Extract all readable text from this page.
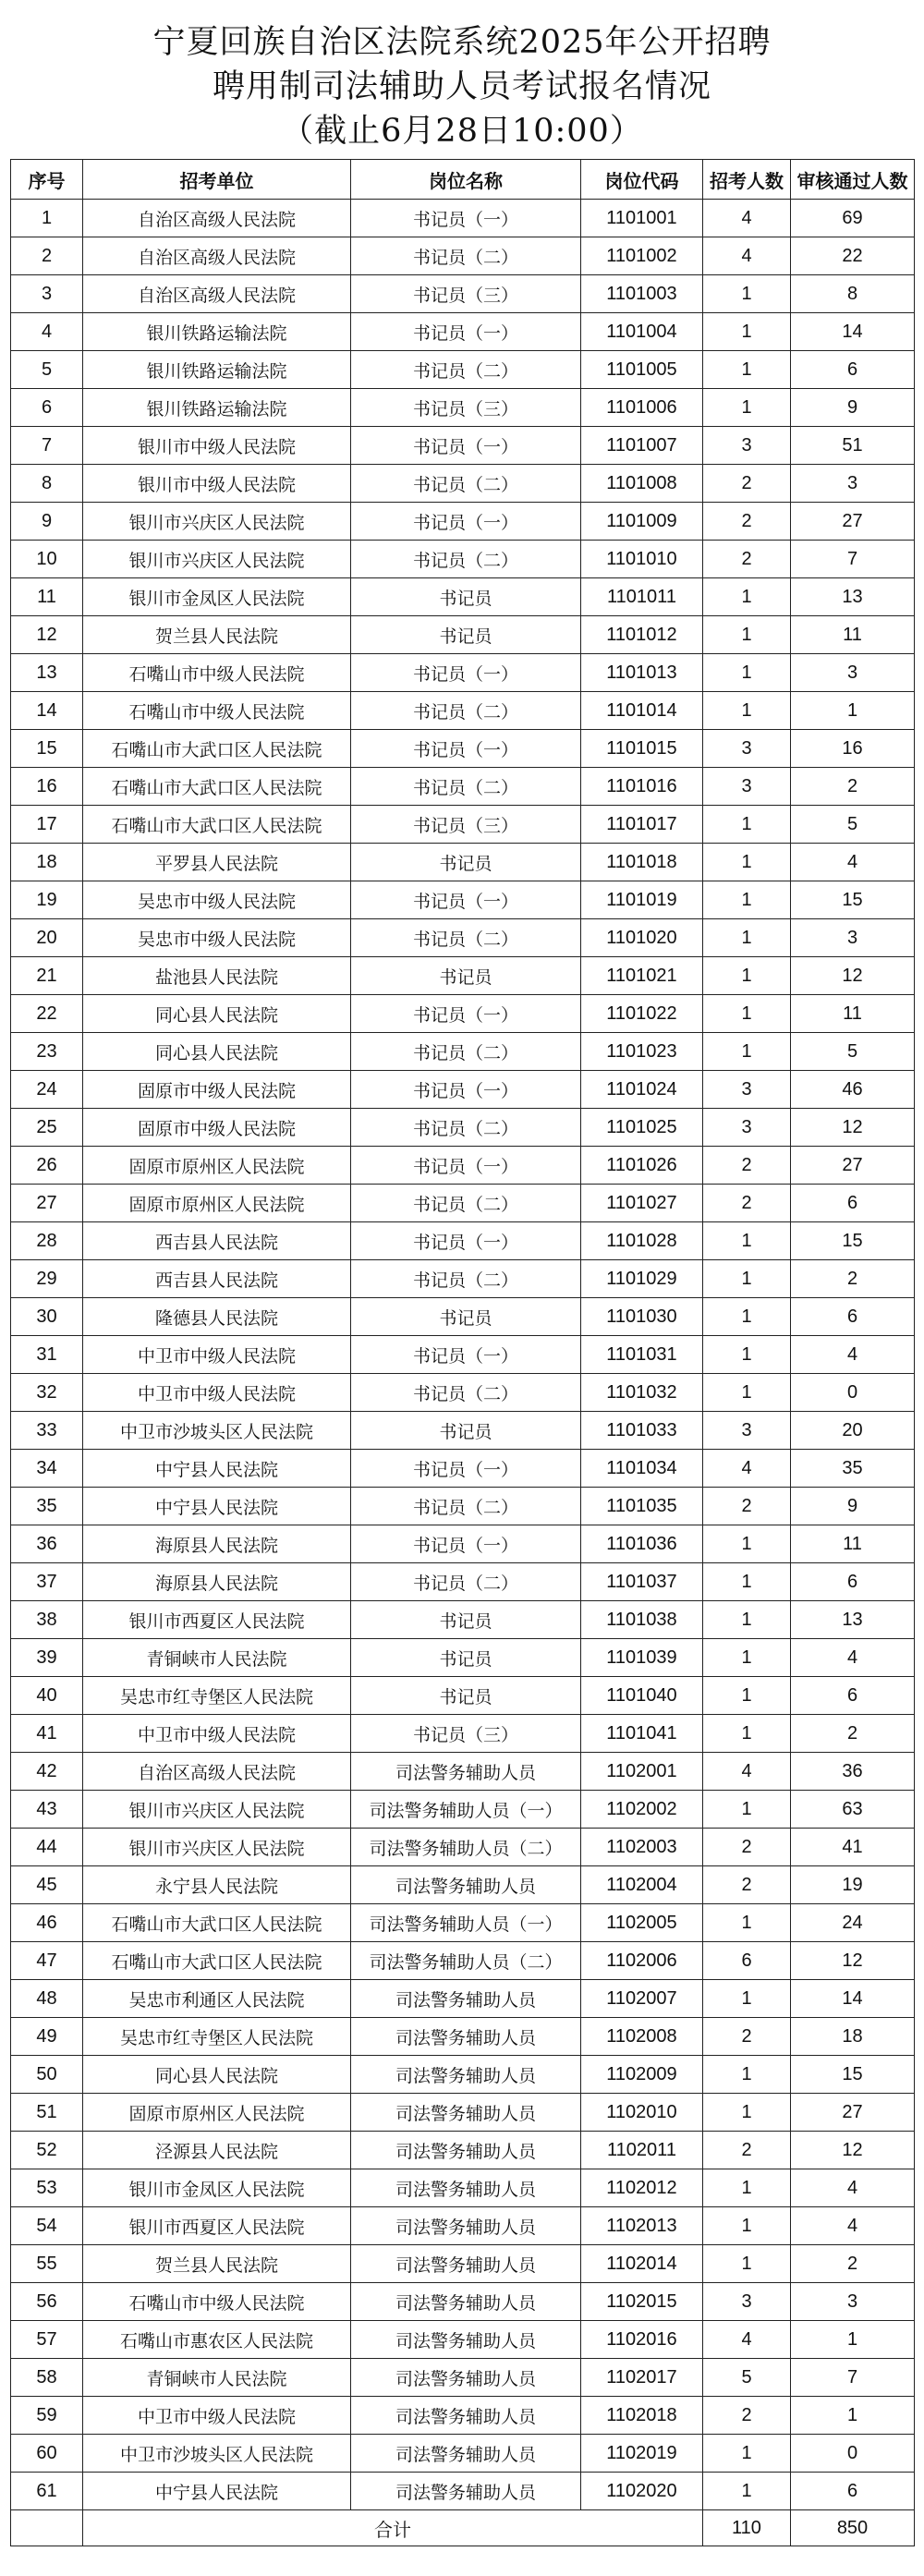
宁夏回族自治区法院系统2025年公开招聘
聘用制司法辅助人员考试报名情况
（截止6月28日10:00）
序号	招考单位	岗位名称	岗位代码	招考人数	审核通过人数
1	自治区高级人民法院	书记员（一）	1101001	4	69
2	自治区高级人民法院	书记员（二）	1101002	4	22
3	自治区高级人民法院	书记员（三）	1101003	1	8
4	银川铁路运输法院	书记员（一）	1101004	1	14
5	银川铁路运输法院	书记员（二）	1101005	1	6
6	银川铁路运输法院	书记员（三）	1101006	1	9
7	银川市中级人民法院	书记员（一）	1101007	3	51
8	银川市中级人民法院	书记员（二）	1101008	2	3
9	银川市兴庆区人民法院	书记员（一）	1101009	2	27
10	银川市兴庆区人民法院	书记员（二）	1101010	2	7
11	银川市金凤区人民法院	书记员	1101011	1	13
12	贺兰县人民法院	书记员	1101012	1	11
13	石嘴山市中级人民法院	书记员（一）	1101013	1	3
14	石嘴山市中级人民法院	书记员（二）	1101014	1	1
15	石嘴山市大武口区人民法院	书记员（一）	1101015	3	16
16	石嘴山市大武口区人民法院	书记员（二）	1101016	3	2
17	石嘴山市大武口区人民法院	书记员（三）	1101017	1	5
18	平罗县人民法院	书记员	1101018	1	4
19	吴忠市中级人民法院	书记员（一）	1101019	1	15
20	吴忠市中级人民法院	书记员（二）	1101020	1	3
21	盐池县人民法院	书记员	1101021	1	12
22	同心县人民法院	书记员（一）	1101022	1	11
23	同心县人民法院	书记员（二）	1101023	1	5
24	固原市中级人民法院	书记员（一）	1101024	3	46
25	固原市中级人民法院	书记员（二）	1101025	3	12
26	固原市原州区人民法院	书记员（一）	1101026	2	27
27	固原市原州区人民法院	书记员（二）	1101027	2	6
28	西吉县人民法院	书记员（一）	1101028	1	15
29	西吉县人民法院	书记员（二）	1101029	1	2
30	隆德县人民法院	书记员	1101030	1	6
31	中卫市中级人民法院	书记员（一）	1101031	1	4
32	中卫市中级人民法院	书记员（二）	1101032	1	0
33	中卫市沙坡头区人民法院	书记员	1101033	3	20
34	中宁县人民法院	书记员（一）	1101034	4	35
35	中宁县人民法院	书记员（二）	1101035	2	9
36	海原县人民法院	书记员（一）	1101036	1	11
37	海原县人民法院	书记员（二）	1101037	1	6
38	银川市西夏区人民法院	书记员	1101038	1	13
39	青铜峡市人民法院	书记员	1101039	1	4
40	吴忠市红寺堡区人民法院	书记员	1101040	1	6
41	中卫市中级人民法院	书记员（三）	1101041	1	2
42	自治区高级人民法院	司法警务辅助人员	1102001	4	36
43	银川市兴庆区人民法院	司法警务辅助人员（一）	1102002	1	63
44	银川市兴庆区人民法院	司法警务辅助人员（二）	1102003	2	41
45	永宁县人民法院	司法警务辅助人员	1102004	2	19
46	石嘴山市大武口区人民法院	司法警务辅助人员（一）	1102005	1	24
47	石嘴山市大武口区人民法院	司法警务辅助人员（二）	1102006	6	12
48	吴忠市利通区人民法院	司法警务辅助人员	1102007	1	14
49	吴忠市红寺堡区人民法院	司法警务辅助人员	1102008	2	18
50	同心县人民法院	司法警务辅助人员	1102009	1	15
51	固原市原州区人民法院	司法警务辅助人员	1102010	1	27
52	泾源县人民法院	司法警务辅助人员	1102011	2	12
53	银川市金凤区人民法院	司法警务辅助人员	1102012	1	4
54	银川市西夏区人民法院	司法警务辅助人员	1102013	1	4
55	贺兰县人民法院	司法警务辅助人员	1102014	1	2
56	石嘴山市中级人民法院	司法警务辅助人员	1102015	3	3
57	石嘴山市惠农区人民法院	司法警务辅助人员	1102016	4	1
58	青铜峡市人民法院	司法警务辅助人员	1102017	5	7
59	中卫市中级人民法院	司法警务辅助人员	1102018	2	1
60	中卫市沙坡头区人民法院	司法警务辅助人员	1102019	1	0
61	中宁县人民法院	司法警务辅助人员	1102020	1	6
	合计			110	850
